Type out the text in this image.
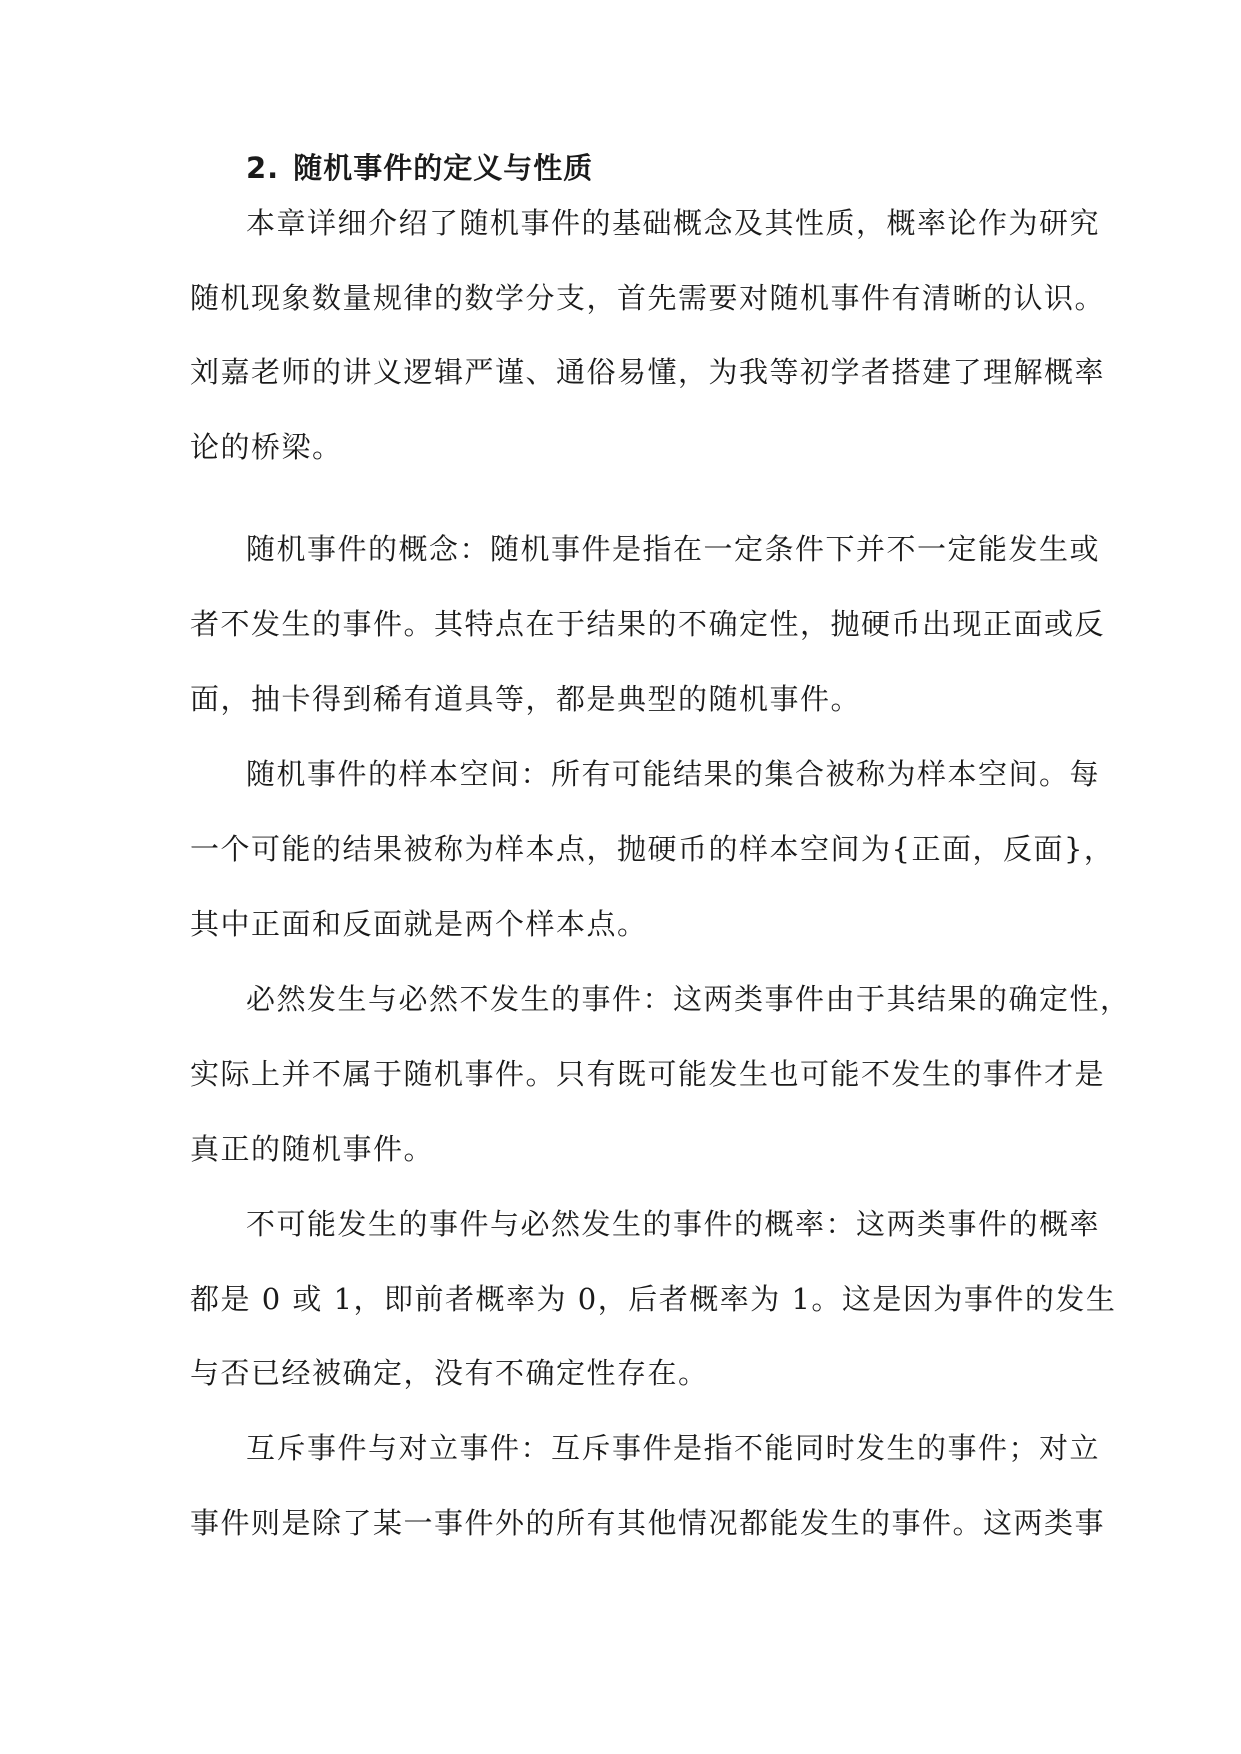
2. 随机事件的定义与性质
本章详细介绍了随机事件的基础概念及其性质，概率论作为研究
随机现象数量规律的数学分支，首先需要对随机事件有清晰的认识。
刘嘉老师的讲义逻辑严谨、通俗易懂，为我等初学者搭建了理解概率
论的桥梁。
随机事件的概念：随机事件是指在一定条件下并不一定能发生或
者不发生的事件。其特点在于结果的不确定性，抛硬币出现正面或反
面，抽卡得到稀有道具等，都是典型的随机事件。
随机事件的样本空间：所有可能结果的集合被称为样本空间。每
一个可能的结果被称为样本点，抛硬币的样本空间为{正面，反面}，
其中正面和反面就是两个样本点。
必然发生与必然不发生的事件：这两类事件由于其结果的确定性，
实际上并不属于随机事件。只有既可能发生也可能不发生的事件才是
真正的随机事件。
不可能发生的事件与必然发生的事件的概率：这两类事件的概率
都是 0 或 1，即前者概率为 0，后者概率为 1。这是因为事件的发生
与否已经被确定，没有不确定性存在。
互斥事件与对立事件：互斥事件是指不能同时发生的事件；对立
事件则是除了某一事件外的所有其他情况都能发生的事件。这两类事
